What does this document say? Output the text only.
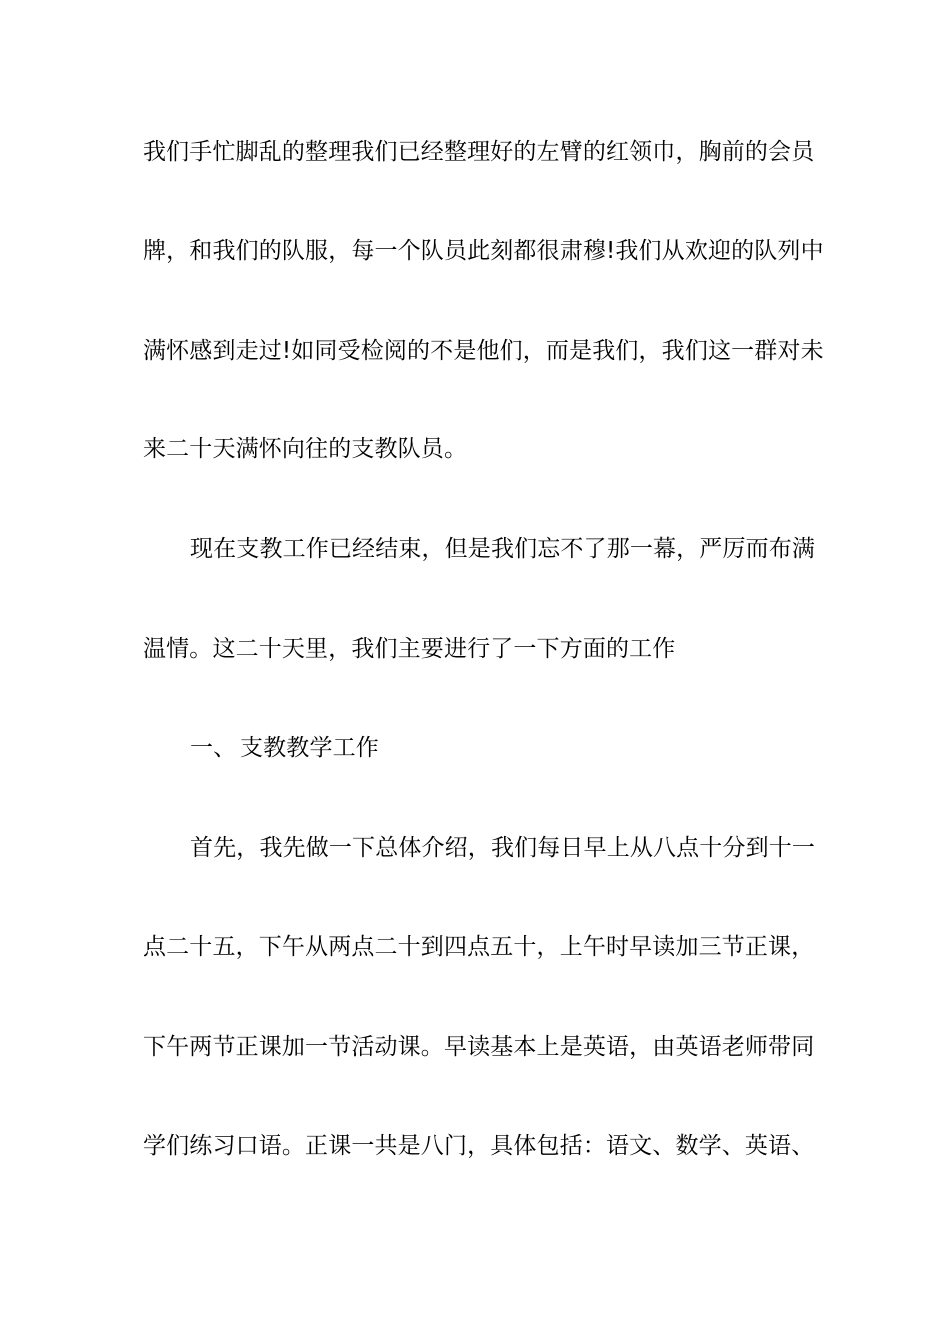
我们手忙脚乱的整理我们已经整理好的左臂的红领巾，胸前的会员
牌，和我们的队服，每一个队员此刻都很肃穆!我们从欢迎的队列中
满怀感到走过!如同受检阅的不是他们，而是我们，我们这一群对未
来二十天满怀向往的支教队员。
现在支教工作已经结束，但是我们忘不了那一幕，严厉而布满
温情。这二十天里，我们主要进行了一下方面的工作
一、 支教教学工作
首先，我先做一下总体介绍，我们每日早上从八点十分到十一
点二十五，下午从两点二十到四点五十，上午时早读加三节正课，
下午两节正课加一节活动课。早读基本上是英语，由英语老师带同
学们练习口语。正课一共是八门，具体包括：语文、数学、英语、
